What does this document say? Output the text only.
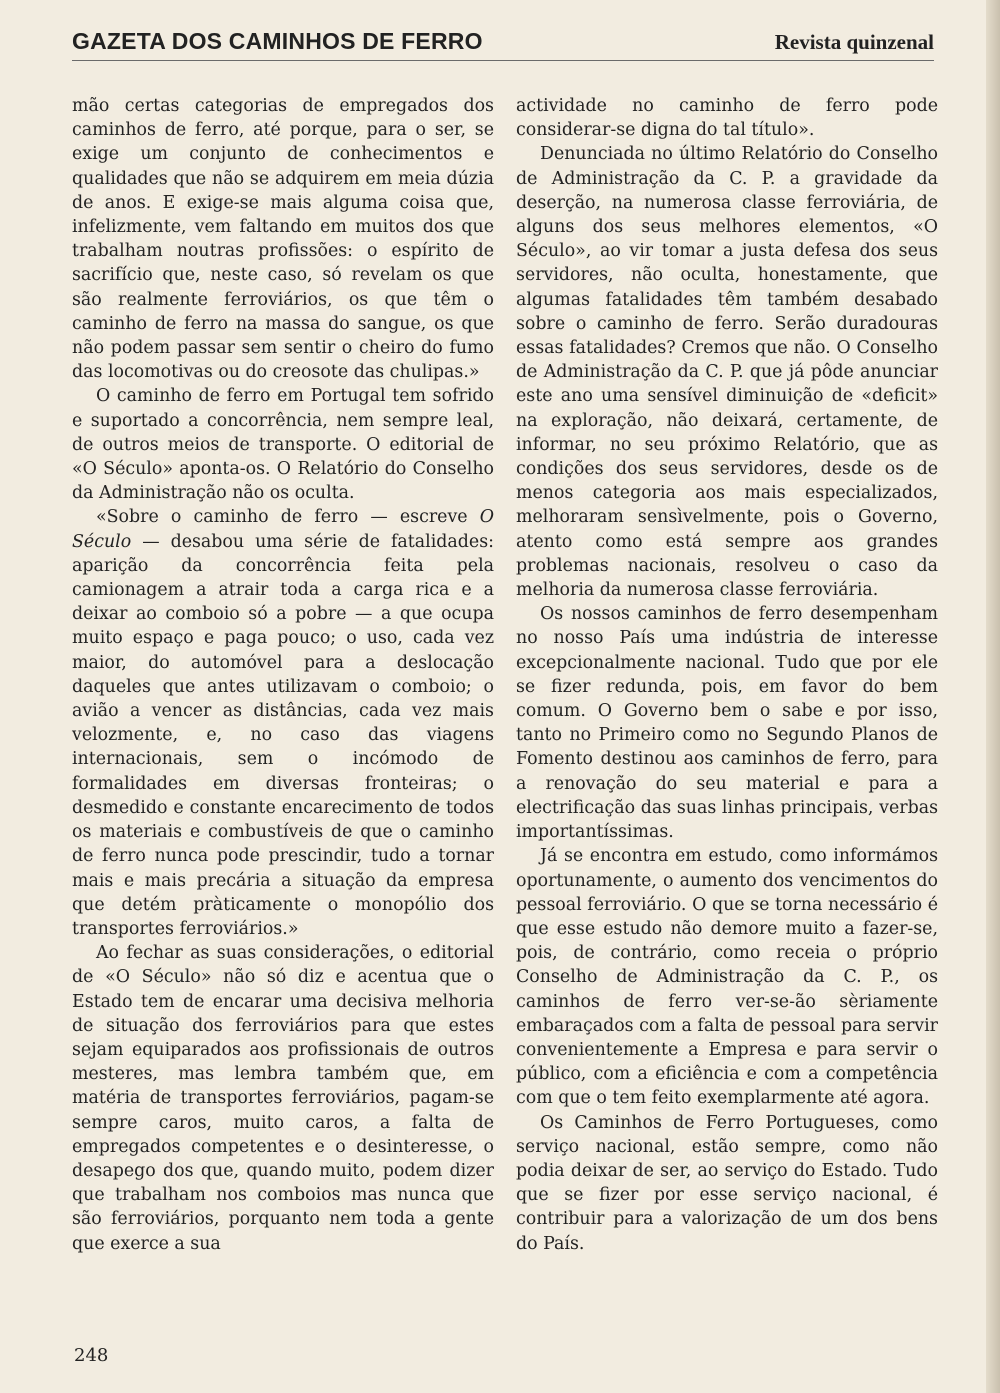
GAZETA DOS CAMINHOS DE FERRO	Revista quinzenal

mão certas categorias de empregados dos caminhos de ferro, até porque, para o ser, se exige um conjunto de conhecimentos e qualidades que não se adquirem em meia dúzia de anos. E exige-se mais alguma coisa que, infelizmente, vem faltando em muitos dos que trabalham noutras profissões: o espírito de sacrifício que, neste caso, só revelam os que são realmente ferroviários, os que têm o caminho de ferro na massa do sangue, os que não podem passar sem sentir o cheiro do fumo das locomotivas ou do creosote das chulipas.»

O caminho de ferro em Portugal tem sofrido e suportado a concorrência, nem sempre leal, de outros meios de transporte. O editorial de «O Século» aponta-os. O Relatório do Conselho da Administração não os oculta.

«Sobre o caminho de ferro — escreve O Século — desabou uma série de fatalidades: aparição da concorrência feita pela camionagem a atrair toda a carga rica e a deixar ao comboio só a pobre — a que ocupa muito espaço e paga pouco; o uso, cada vez maior, do automóvel para a deslocação daqueles que antes utilizavam o comboio; o avião a vencer as distâncias, cada vez mais velozmente, e, no caso das viagens internacionais, sem o incómodo de formalidades em diversas fronteiras; o desmedido e constante encarecimento de todos os materiais e combustíveis de que o caminho de ferro nunca pode prescindir, tudo a tornar mais e mais precária a situação da empresa que detém pràticamente o monopólio dos transportes ferroviários.»

Ao fechar as suas considerações, o editorial de «O Século» não só diz e acentua que o Estado tem de encarar uma decisiva melhoria de situação dos ferroviários para que estes sejam equiparados aos profissionais de outros mesteres, mas lembra também que, em matéria de transportes ferroviários, pagam-se sempre caros, muito caros, a falta de empregados competentes e o desinteresse, o desapego dos que, quando muito, podem dizer que trabalham nos comboios mas nunca que são ferroviários, porquanto nem toda a gente que exerce a sua

actividade no caminho de ferro pode considerar-se digna do tal título».

Denunciada no último Relatório do Conselho de Administração da C. P. a gravidade da deserção, na numerosa classe ferroviária, de alguns dos seus melhores elementos, «O Século», ao vir tomar a justa defesa dos seus servidores, não oculta, honestamente, que algumas fatalidades têm também desabado sobre o caminho de ferro. Serão duradouras essas fatalidades? Cremos que não. O Conselho de Administração da C. P. que já pôde anunciar este ano uma sensível diminuição de «deficit» na exploração, não deixará, certamente, de informar, no seu próximo Relatório, que as condições dos seus servidores, desde os de menos categoria aos mais especializados, melhoraram sensìvelmente, pois o Governo, atento como está sempre aos grandes problemas nacionais, resolveu o caso da melhoria da numerosa classe ferroviária.

Os nossos caminhos de ferro desempenham no nosso País uma indústria de interesse excepcionalmente nacional. Tudo que por ele se fizer redunda, pois, em favor do bem comum. O Governo bem o sabe e por isso, tanto no Primeiro como no Segundo Planos de Fomento destinou aos caminhos de ferro, para a renovação do seu material e para a electrificação das suas linhas principais, verbas importantíssimas.

Já se encontra em estudo, como informámos oportunamente, o aumento dos vencimentos do pessoal ferroviário. O que se torna necessário é que esse estudo não demore muito a fazer-se, pois, de contrário, como receia o próprio Conselho de Administração da C. P., os caminhos de ferro ver-se-ão sèriamente embaraçados com a falta de pessoal para servir convenientemente a Empresa e para servir o público, com a eficiência e com a competência com que o tem feito exemplarmente até agora.

Os Caminhos de Ferro Portugueses, como serviço nacional, estão sempre, como não podia deixar de ser, ao serviço do Estado. Tudo que se fizer por esse serviço nacional, é contribuir para a valorização de um dos bens do País.

248
